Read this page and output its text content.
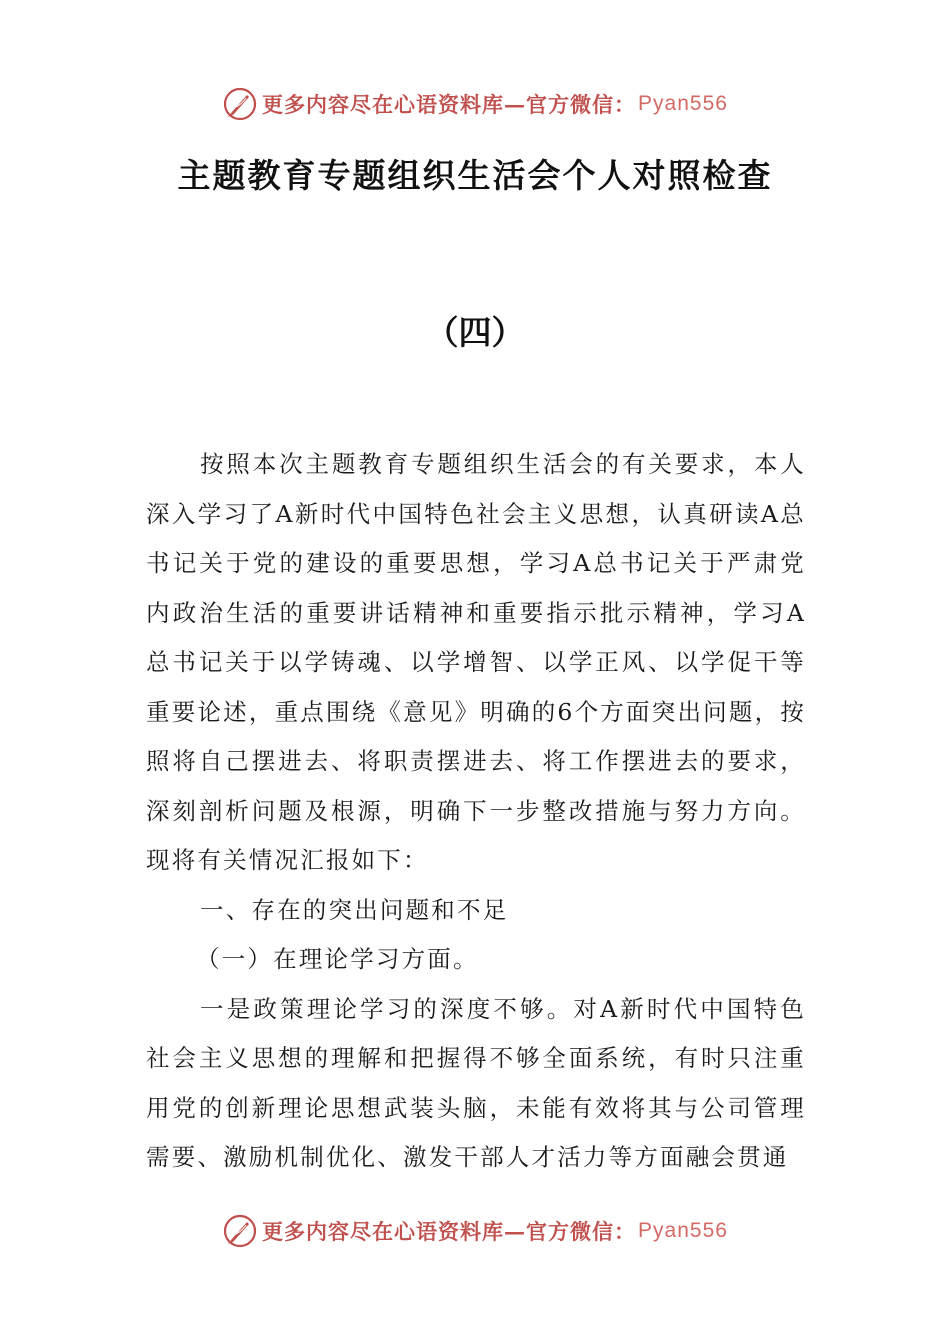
更多内容尽在心语资料库—官方微信： Pyan556
主题教育专题组织生活会个人对照检查
（四）

按照本次主题教育专题组织生活会的有关要求，本人深入学习了A新时代中国特色社会主义思想，认真研读A总书记关于党的建设的重要思想，学习A总书记关于严肃党内政治生活的重要讲话精神和重要指示批示精神，学习A总书记关于以学铸魂、以学增智、以学正风、以学促干等重要论述，重点围绕《意见》明确的6个方面突出问题，按照将自己摆进去、将职责摆进去、将工作摆进去的要求，深刻剖析问题及根源，明确下一步整改措施与努力方向。现将有关情况汇报如下：

一、存在的突出问题和不足

（一）在理论学习方面。

一是政策理论学习的深度不够。对A新时代中国特色社会主义思想的理解和把握得不够全面系统，有时只注重用党的创新理论思想武装头脑，未能有效将其与公司管理需要、激励机制优化、激发干部人才活力等方面融会贯通

更多内容尽在心语资料库—官方微信： Pyan556
